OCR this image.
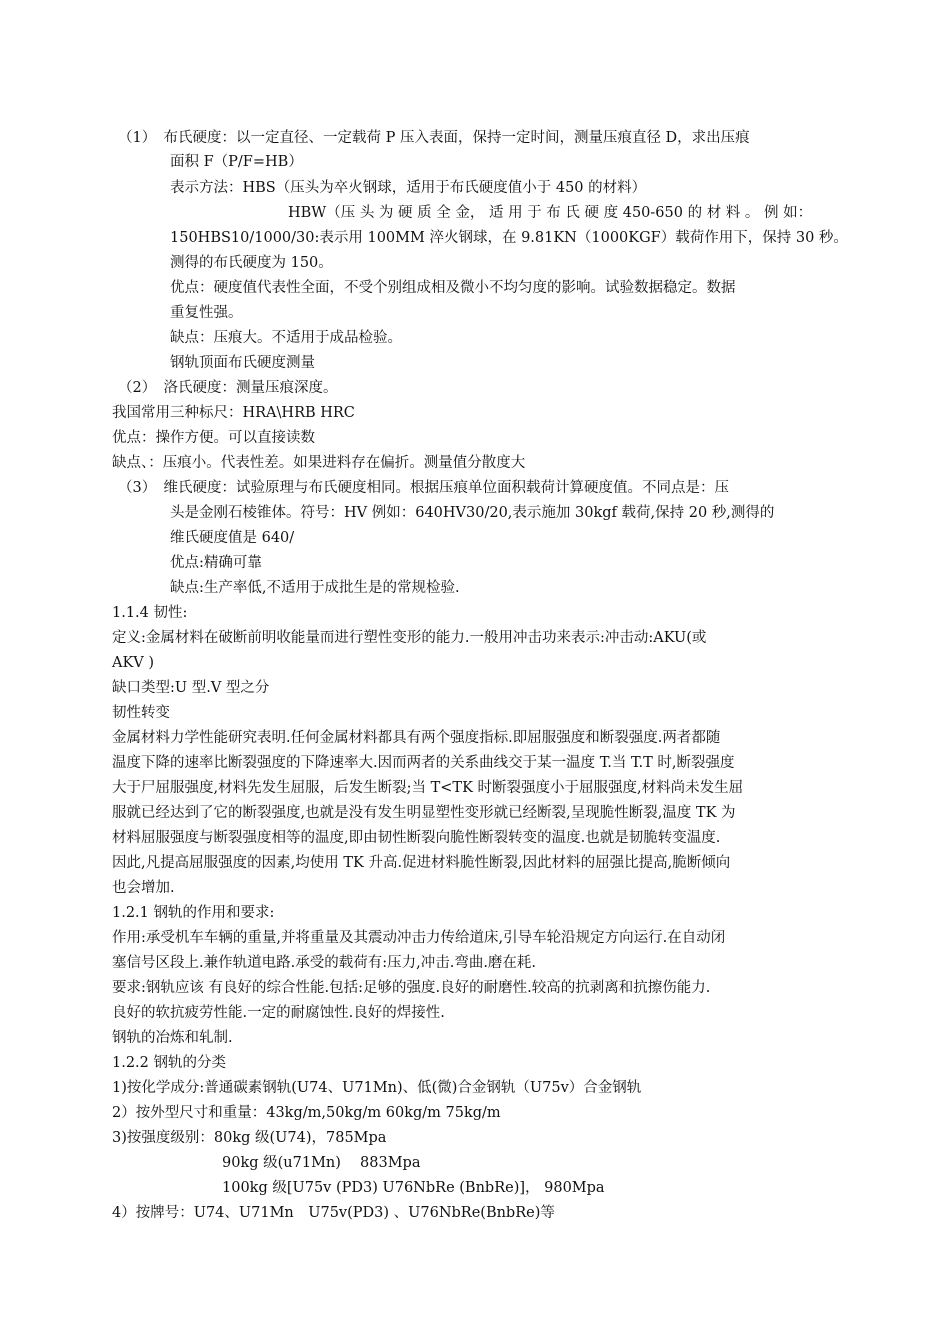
（1）　布氏硬度：以一定直径、一定载荷 P 压入表面，保持一定时间，测量压痕直径 D，求出压痕
面积 F（P/F=HB）
表示方法：HBS（压头为卒火钢球，适用于布氏硬度值小于 450 的材料）
HBW（压 头 为 硬 质 全 金， 适 用 于 布 氏 硬 度 450-650 的 材 料 。 例 如：
150HBS10/1000/30:表示用 100MM 淬火钢球，在 9.81KN（1000KGF）载荷作用下，保持 30 秒。
测得的布氏硬度为 150。
优点：硬度值代表性全面，不受个别组成相及微小不均匀度的影响。试验数据稳定。数据
重复性强。
缺点：压痕大。不适用于成品检验。
钢轨顶面布氏硬度测量
（2）　洛氏硬度：测量压痕深度。
我国常用三种标尺：HRA\HRB HRC
优点：操作方便。可以直接读数
缺点、：压痕小。代表性差。如果进料存在偏折。测量值分散度大
（3）　维氏硬度：试验原理与布氏硬度相同。根据压痕单位面积载荷计算硬度值。不同点是：压
头是金刚石棱锥体。符号：HV 例如：640HV30/20,表示施加 30kgf 载荷,保持 20 秒,测得的
维氏硬度值是 640/
优点:精确可靠
缺点:生产率低,不适用于成批生是的常规检验.
1.1.4 韧性:
定义:金属材料在破断前明收能量而进行塑性变形的能力.一般用冲击功来表示:冲击动:AKU(或
AKV )
缺口类型:U 型.V 型之分
韧性转变
金属材料力学性能研究表明.任何金属材料都具有两个强度指标.即屈服强度和断裂强度.两者都随
温度下降的速率比断裂强度的下降速率大.因而两者的关系曲线交于某一温度 T.当 T.T 时,断裂强度
大于尸屈服强度,材料先发生屈服，后发生断裂;当 T<TK 时断裂强度小于屈服强度,材料尚未发生屈
服就已经达到了它的断裂强度,也就是没有发生明显塑性变形就已经断裂,呈现脆性断裂,温度 TK 为
材料屈服强度与断裂强度相等的温度,即由韧性断裂向脆性断裂转变的温度.也就是韧脆转变温度.
因此,凡提高屈服强度的因素,均使用 TK 升高.促进材料脆性断裂,因此材料的屈强比提高,脆断倾向
也会增加.
1.2.1 钢轨的作用和要求:
作用:承受机车车辆的重量,并将重量及其震动冲击力传给道床,引导车轮沿规定方向运行.在自动闭
塞信号区段上.兼作轨道电路.承受的载荷有:压力,冲击.弯曲.磨在耗.
要求:钢轨应该 有良好的综合性能.包括:足够的强度.良好的耐磨性.较高的抗剥离和抗擦伤能力.
良好的软抗疲劳性能.一定的耐腐蚀性.良好的焊接性.
钢轨的冶炼和轧制.
1.2.2 钢轨的分类
1)按化学成分:普通碳素钢轨(U74、U71Mn)、低(微)合金钢轨（U75v）合金钢轨
2）按外型尺寸和重量：43kg/m,50kg/m 60kg/m 75kg/m
3)按强度级别：80kg 级(U74)，785Mpa
90kg 级(u71Mn)　 883Mpa
100kg 级[U75v (PD3) U76NbRe (BnbRe)]， 980Mpa
4）按牌号：U74、U71Mn　U75v(PD3) 、U76NbRe(BnbRe)等
